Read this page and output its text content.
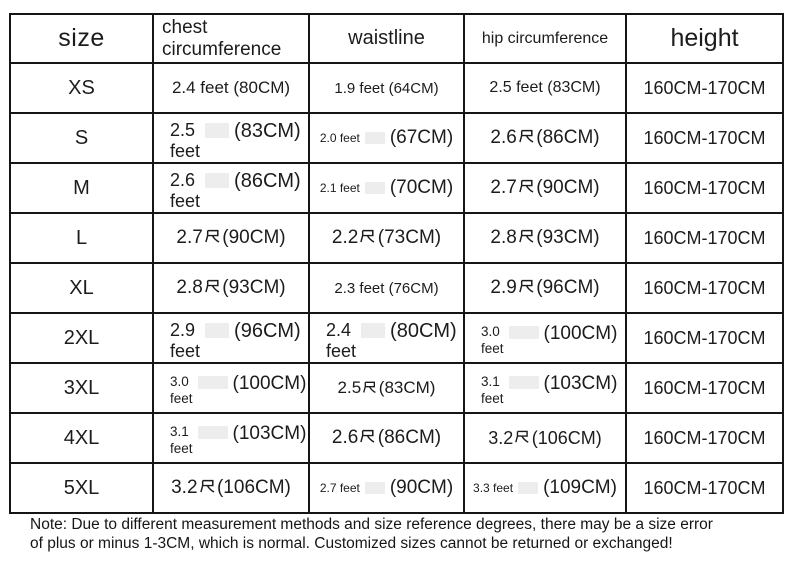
size	chest circumference	waistline	hip circumference	height

XS	2.4 feet (80CM)	1.9 feet (64CM)	2.5 feet (83CM)	160CM-170CM

S	2.5
feet
(83CM)	2.0 feet (67CM)	2.6 (86CM)	160CM-170CM

M	2.6
feet
(86CM)	2.1 feet (70CM)	2.7 (90CM)	160CM-170CM

L	2.7 (90CM)	2.2 (73CM)	2.8 (93CM)	160CM-170CM

XL	2.8 (93CM)	2.3 feet (76CM)	2.9 (96CM)	160CM-170CM

2XL	2.9
feet
(96CM)	2.4
feet
(80CM)	3.0
feet
(100CM)	160CM-170CM

3XL	3.0
feet
(100CM)	2.5 (83CM)	3.1
feet
(103CM)	160CM-170CM

4XL	3.1
feet
(103CM)	2.6 (86CM)	3.2 (106CM)	160CM-170CM

5XL	3.2 (106CM)	2.7 feet (90CM)	3.3 feet (109CM)	160CM-170CM
Note: Due to different measurement methods and size reference degrees, there may be a size error
of plus or minus 1-3CM, which is normal. Customized sizes cannot be returned or exchanged!
